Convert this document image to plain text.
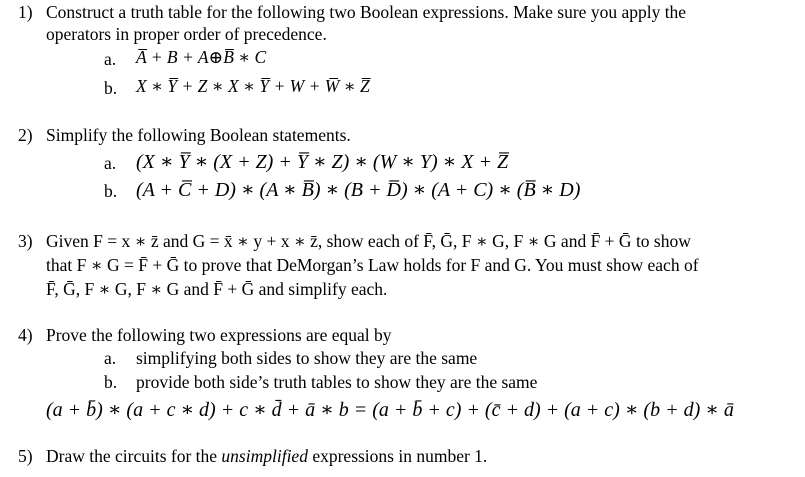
1) Construct a truth table for the following two Boolean expressions. Make sure you apply the
operators in proper order of precedence.
a. A̅ + B + A⊕B̅ ∗ C
b. X ∗ Y̅ + Z ∗ X ∗ Y̅ + W + W̅ ∗ Z̅
2) Simplify the following Boolean statements.
a. (X ∗ Y̅ ∗ (X + Z) + Y̅ ∗ Z) ∗ (W ∗ Y) ∗ X + Z̅
b. (A + C̅ + D) ∗ (A ∗ B̅) ∗ (B + D̅) ∗ (A + C) ∗ (B̅ ∗ D)
3) Given F = x ∗ z̄ and G = x̄ ∗ y + x ∗ z̄, show each of F̄, Ḡ, F ∗ G, F ∗ G and F̄ + Ḡ to show
that F ∗ G = F̄ + Ḡ to prove that DeMorgan’s Law holds for F and G. You must show each of
F̄, Ḡ, F ∗ G, F ∗ G and F̄ + Ḡ and simplify each.
4) Prove the following two expressions are equal by
a. simplifying both sides to show they are the same
b. provide both side’s truth tables to show they are the same
(a + b̄) ∗ (a + c ∗ d) + c ∗ d̄ + ā ∗ b = (a + b̄ + c) + (c̄ + d) + (a + c) ∗ (b + d) ∗ ā
5) Draw the circuits for the unsimplified expressions in number 1.
